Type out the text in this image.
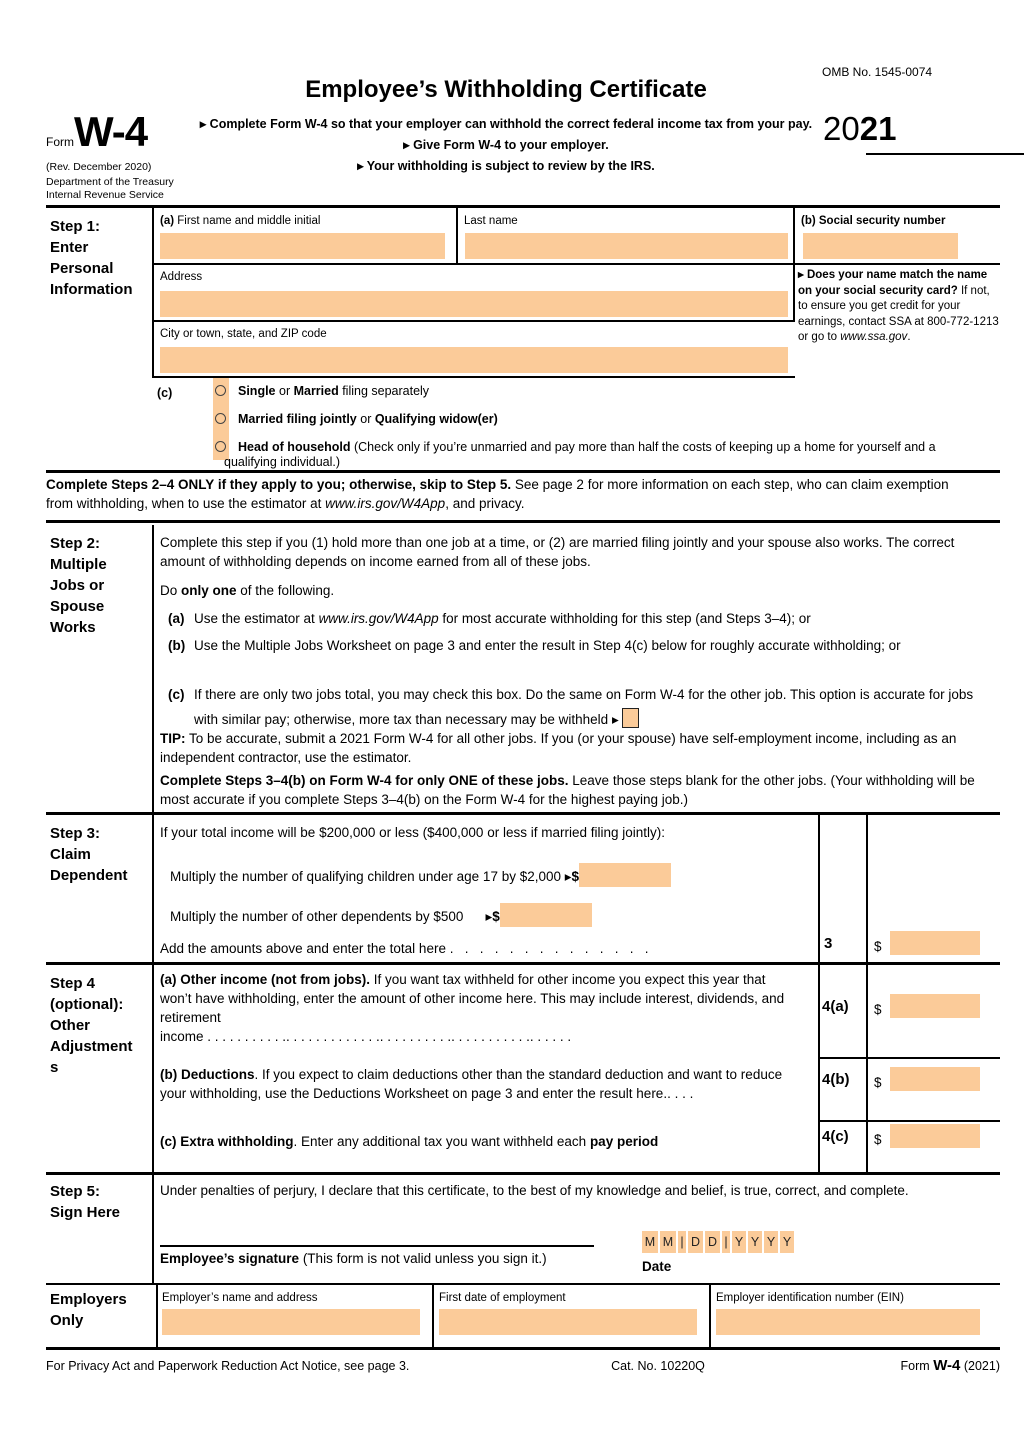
Employee’s Withholding Certificate
▸ Complete Form W-4 so that your employer can withhold the correct federal income tax from your pay.
▸ Give Form W-4 to your employer.
▸ Your withholding is subject to review by the IRS.
FormW-4
(Rev. December 2020)
Department of the Treasury
Internal Revenue Service
OMB No. 1545-0074
2021
Step 1:
Enter
Personal
Information
(a) First name and middle initial	Last name	(b) Social security number
Address
City or town, state, and ZIP code
▸ Does your name match the name on your social security card? If not, to ensure you get credit for your earnings, contact SSA at 800-772-1213 or go to www.ssa.gov.
(c)	Single or Married filing separately
Married filing jointly or Qualifying widow(er)
Head of household (Check only if you’re unmarried and pay more than half the costs of keeping up a home for yourself and a qualifying individual.)
Complete Steps 2–4 ONLY if they apply to you; otherwise, skip to Step 5. See page 2 for more information on each step, who can claim exemption from withholding, when to use the estimator at www.irs.gov/W4App, and privacy.
Step 2:
Multiple
Jobs or
Spouse
Works
Complete this step if you (1) hold more than one job at a time, or (2) are married filing jointly and your spouse also works. The correct amount of withholding depends on income earned from all of these jobs.
Do only one of the following.
(a) Use the estimator at www.irs.gov/W4App for most accurate withholding for this step (and Steps 3–4); or
(b) Use the Multiple Jobs Worksheet on page 3 and enter the result in Step 4(c) below for roughly accurate withholding; or
(c) If there are only two jobs total, you may check this box. Do the same on Form W-4 for the other job. This option is accurate for jobs with similar pay; otherwise, more tax than necessary may be withheld ▸
TIP: To be accurate, submit a 2021 Form W-4 for all other jobs. If you (or your spouse) have self-employment income, including as an independent contractor, use the estimator.
Complete Steps 3–4(b) on Form W-4 for only ONE of these jobs. Leave those steps blank for the other jobs. (Your withholding will be most accurate if you complete Steps 3–4(b) on the Form W-4 for the highest paying job.)
Step 3:
Claim
Dependent
If your total income will be $200,000 or less ($400,000 or less if married filing jointly):
Multiply the number of qualifying children under age 17 by $2,000 ▸$
Multiply the number of other dependents by $500 ▸$
Add the amounts above and enter the total here .   .   .   .   .   .   .   .   .   .   .   .   .   .	3	$
Step 4
(optional):
Other
Adjustment
s
(a) Other income (not from jobs). If you want tax withheld for other income you expect this year that won’t have withholding, enter the amount of other income here. This may include interest, dividends, and retirement
income . . . . . . . . . . .. . . . . . . . . . . . .. . . . . . . . . .. . . . . . . . . . .. . . . . .
4(a) $
(b) Deductions. If you expect to claim deductions other than the standard deduction and want to reduce your withholding, use the Deductions Worksheet on page 3 and enter the result here.. . . .
4(b) $
(c) Extra withholding. Enter any additional tax you want withheld each pay period	4(c) $
Step 5:
Sign Here
Under penalties of perjury, I declare that this certificate, to the best of my knowledge and belief, is true, correct, and complete.
Employee’s signature (This form is not valid unless you sign it.)
M M | D D | Y Y Y Y
Date
Employers
Only
Employer’s name and address	First date of employment	Employer identification number (EIN)
For Privacy Act and Paperwork Reduction Act Notice, see page 3.	Cat. No. 10220Q	Form W-4 (2021)
